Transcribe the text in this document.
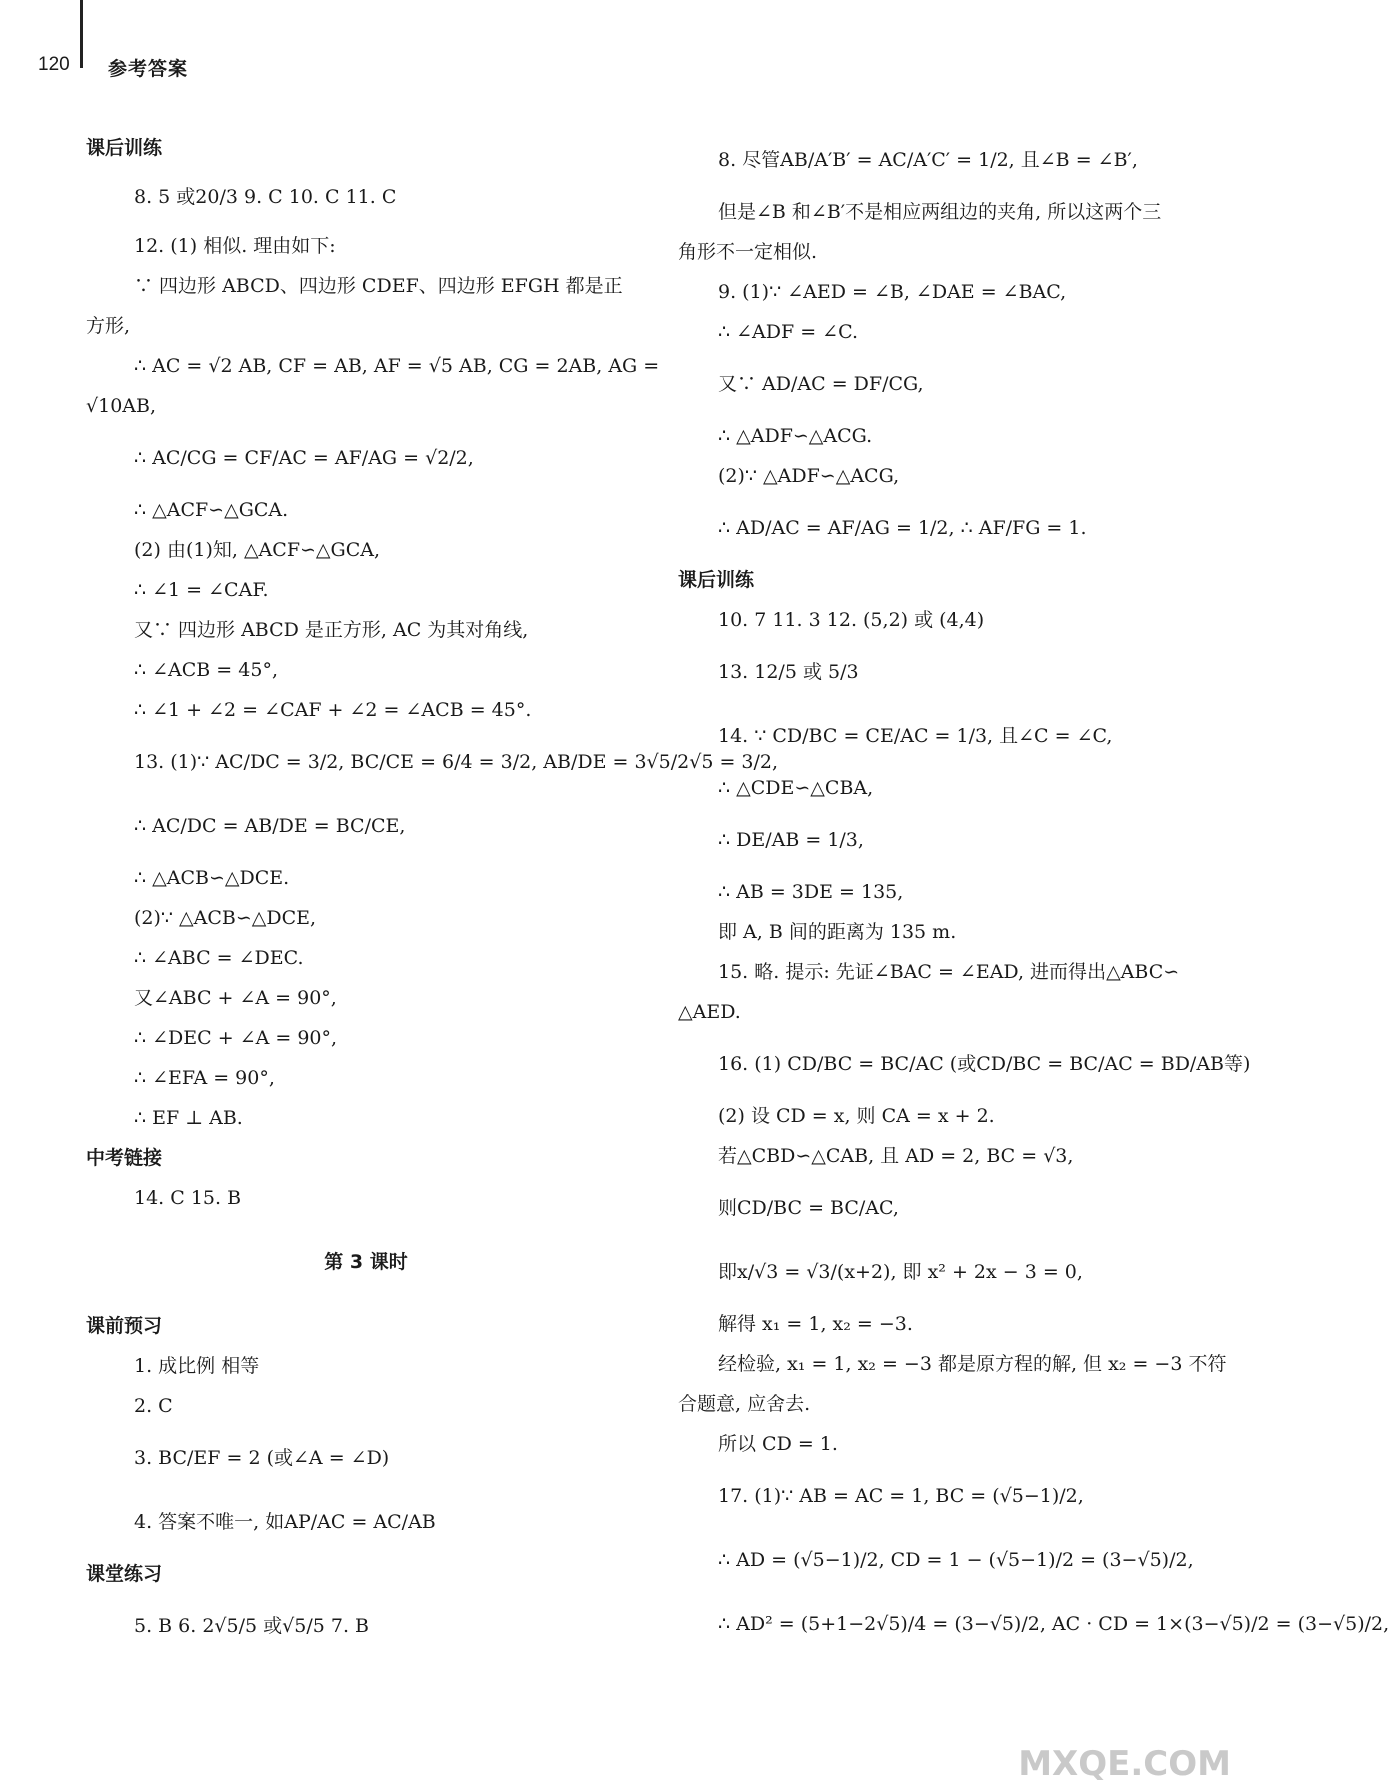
120 参考答案
课后训练
8. 5 或20/3 9. C 10. C 11. C
12. (1) 相似. 理由如下:
∵ 四边形 ABCD、四边形 CDEF、四边形 EFGH 都是正
方形,
∴ AC = √2 AB, CF = AB, AF = √5 AB, CG = 2AB, AG =
√10AB,
∴ AC/CG = CF/AC = AF/AG = √2/2,
∴ △ACF∽△GCA.
(2) 由(1)知, △ACF∽△GCA,
∴ ∠1 = ∠CAF.
又∵ 四边形 ABCD 是正方形, AC 为其对角线,
∴ ∠ACB = 45°,
∴ ∠1 + ∠2 = ∠CAF + ∠2 = ∠ACB = 45°.
13. (1)∵ AC/DC = 3/2, BC/CE = 6/4 = 3/2, AB/DE = 3√5/2√5 = 3/2,
∴ AC/DC = AB/DE = BC/CE,
∴ △ACB∽△DCE.
(2)∵ △ACB∽△DCE,
∴ ∠ABC = ∠DEC.
又∠ABC + ∠A = 90°,
∴ ∠DEC + ∠A = 90°,
∴ ∠EFA = 90°,
∴ EF ⊥ AB.
中考链接
14. C 15. B
第 3 课时
课前预习
1. 成比例 相等
2. C
3. BC/EF = 2 (或∠A = ∠D)
4. 答案不唯一, 如AP/AC = AC/AB
课堂练习
5. B 6. 2√5/5 或√5/5 7. B
8. 尽管AB/A′B′ = AC/A′C′ = 1/2, 且∠B = ∠B′,
但是∠B 和∠B′不是相应两组边的夹角, 所以这两个三
角形不一定相似.
9. (1)∵ ∠AED = ∠B, ∠DAE = ∠BAC,
∴ ∠ADF = ∠C.
又∵ AD/AC = DF/CG,
∴ △ADF∽△ACG.
(2)∵ △ADF∽△ACG,
∴ AD/AC = AF/AG = 1/2, ∴ AF/FG = 1.
课后训练
10. 7 11. 3 12. (5,2) 或 (4,4)
13. 12/5 或 5/3
14. ∵ CD/BC = CE/AC = 1/3, 且∠C = ∠C,
∴ △CDE∽△CBA,
∴ DE/AB = 1/3,
∴ AB = 3DE = 135,
即 A, B 间的距离为 135 m.
15. 略. 提示: 先证∠BAC = ∠EAD, 进而得出△ABC∽
△AED.
16. (1) CD/BC = BC/AC (或CD/BC = BC/AC = BD/AB等)
(2) 设 CD = x, 则 CA = x + 2.
若△CBD∽△CAB, 且 AD = 2, BC = √3,
则CD/BC = BC/AC,
即x/√3 = √3/(x+2), 即 x² + 2x − 3 = 0,
解得 x₁ = 1, x₂ = −3.
经检验, x₁ = 1, x₂ = −3 都是原方程的解, 但 x₂ = −3 不符
合题意, 应舍去.
所以 CD = 1.
17. (1)∵ AB = AC = 1, BC = (√5−1)/2,
∴ AD = (√5−1)/2, CD = 1 − (√5−1)/2 = (3−√5)/2,
∴ AD² = (5+1−2√5)/4 = (3−√5)/2, AC · CD = 1×(3−√5)/2 = (3−√5)/2,
MXQE.COM
